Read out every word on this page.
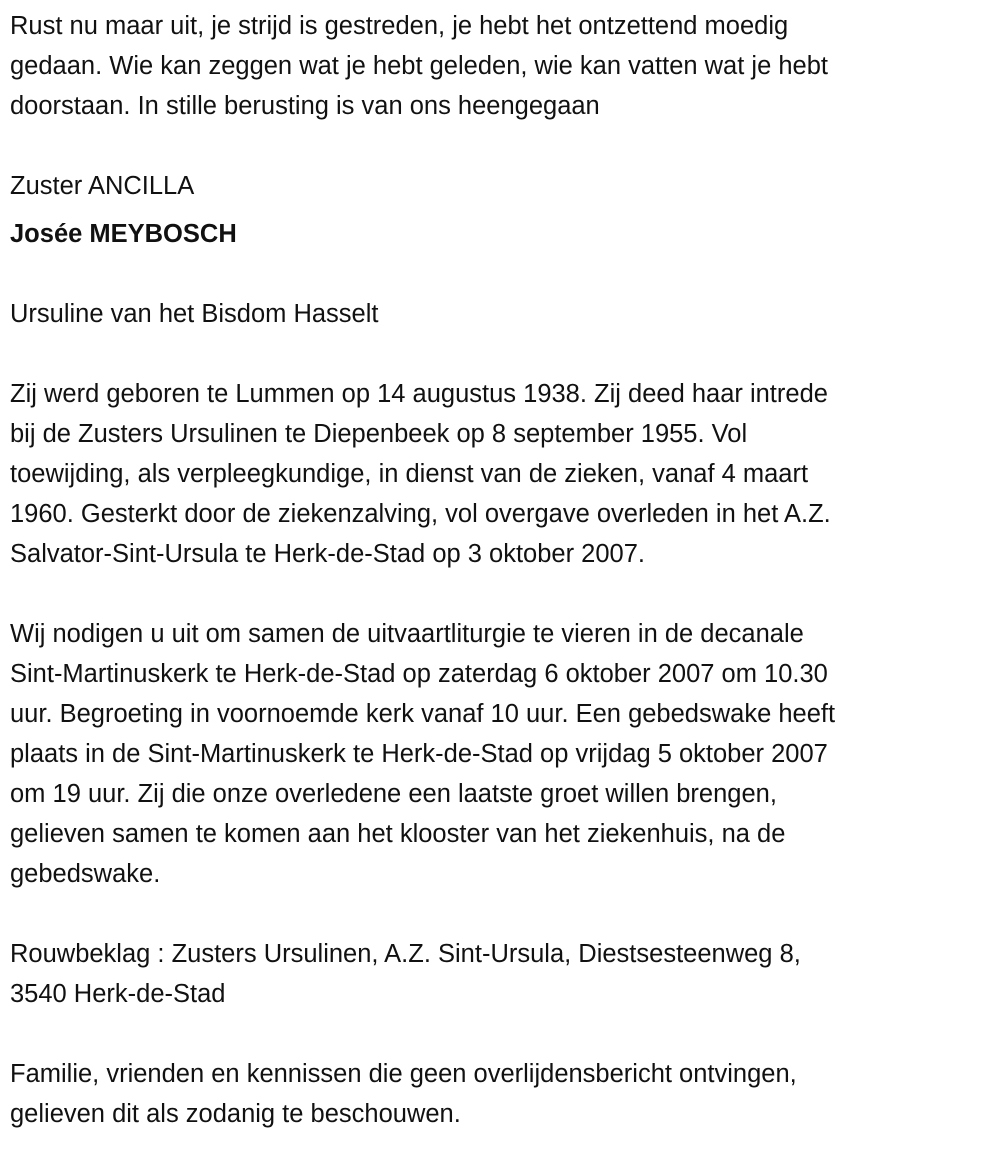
Rust nu maar uit, je strijd is gestreden, je hebt het ontzettend moedig
gedaan. Wie kan zeggen wat je hebt geleden, wie kan vatten wat je hebt
doorstaan. In stille berusting is van ons heengegaan
Zuster ANCILLA
Josée MEYBOSCH
Ursuline van het Bisdom Hasselt
Zij werd geboren te Lummen op 14 augustus 1938. Zij deed haar intrede
bij de Zusters Ursulinen te Diepenbeek op 8 september 1955. Vol
toewijding, als verpleegkundige, in dienst van de zieken, vanaf 4 maart
1960. Gesterkt door de ziekenzalving, vol overgave overleden in het A.Z.
Salvator-Sint-Ursula te Herk-de-Stad op 3 oktober 2007.
Wij nodigen u uit om samen de uitvaartliturgie te vieren in de decanale
Sint-Martinuskerk te Herk-de-Stad op zaterdag 6 oktober 2007 om 10.30
uur. Begroeting in voornoemde kerk vanaf 10 uur. Een gebedswake heeft
plaats in de Sint-Martinuskerk te Herk-de-Stad op vrijdag 5 oktober 2007
om 19 uur. Zij die onze overledene een laatste groet willen brengen,
gelieven samen te komen aan het klooster van het ziekenhuis, na de
gebedswake.
Rouwbeklag : Zusters Ursulinen, A.Z. Sint-Ursula, Diestsesteenweg 8,
3540 Herk-de-Stad
Familie, vrienden en kennissen die geen overlijdensbericht ontvingen,
gelieven dit als zodanig te beschouwen.
